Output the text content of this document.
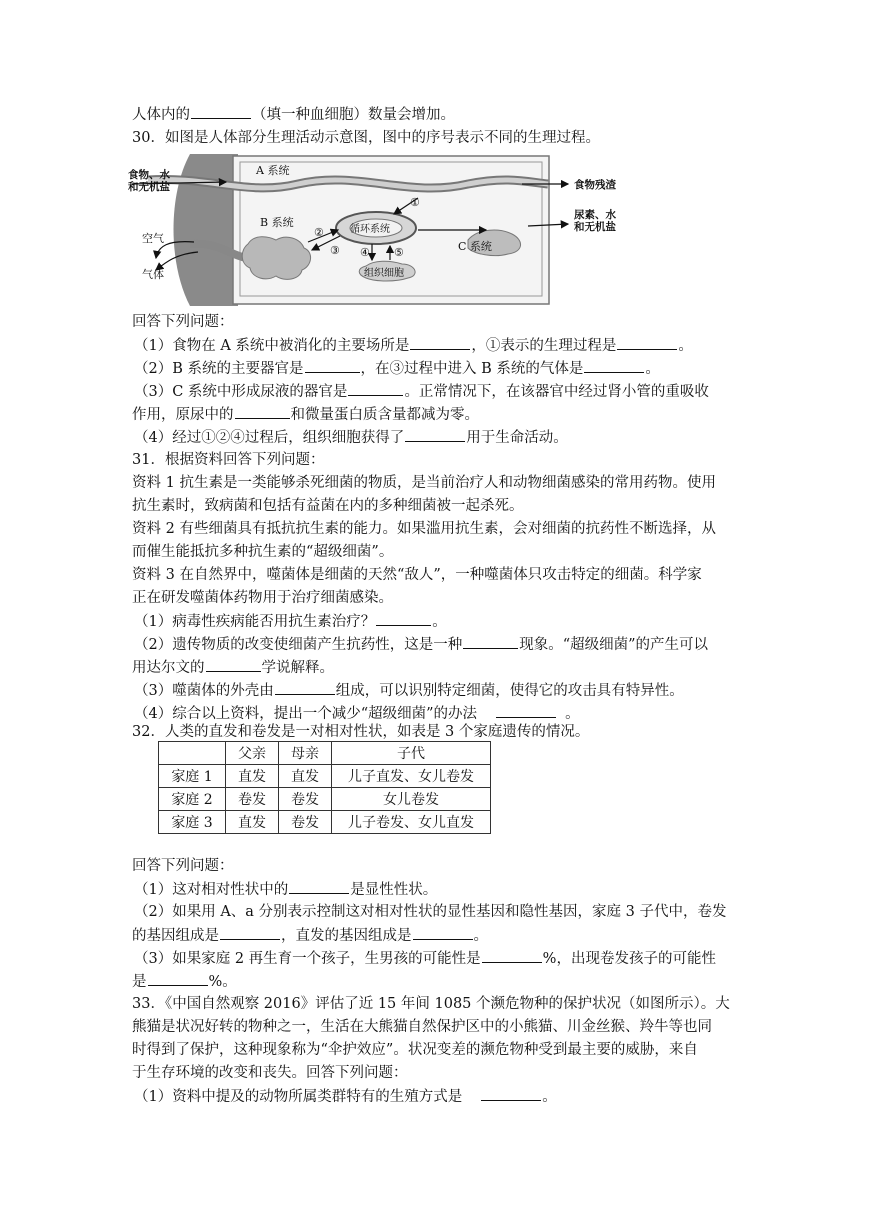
人体内的	（填一种血细胞）数量会增加。
30．如图是人体部分生理活动示意图，图中的序号表示不同的生理过程。
A 系统
B 系统
C 系统
循环系统
食物、水
和无机盐	食物残渣
尿素、水
和无机盐
空气
气体	组织细胞
①
②
③ ④ ⑤
回答下列问题：
（1）食物在 A 系统中被消化的主要场所是	，①表示的生理过程是	。
（2）B 系统的主要器官是	，在③过程中进入 B 系统的气体是	。
（3）C 系统中形成尿液的器官是	。正常情况下，在该器官中经过肾小管的重吸收
作用，原尿中的	和微量蛋白质含量都减为零。
（4）经过①②④过程后，组织细胞获得了	用于生命活动。
31．根据资料回答下列问题：
资料 1 抗生素是一类能够杀死细菌的物质，是当前治疗人和动物细菌感染的常用药物。使用
抗生素时，致病菌和包括有益菌在内的多种细菌被一起杀死。
资料 2 有些细菌具有抵抗抗生素的能力。如果滥用抗生素，会对细菌的抗药性不断选择，从
而催生能抵抗多种抗生素的“超级细菌”。
资料 3 在自然界中，噬菌体是细菌的天然“敌人”，一种噬菌体只攻击特定的细菌。科学家
正在研发噬菌体药物用于治疗细菌感染。
（1）病毒性疾病能否用抗生素治疗？	。
（2）遗传物质的改变使细菌产生抗药性，这是一种	现象。“超级细菌”的产生可以
用达尔文的	学说解释。
（3）噬菌体的外壳由	组成，可以识别特定细菌，使得它的攻击具有特异性。
（4）综合以上资料，提出一个减少“超级细菌”的办法	。
32．人类的直发和卷发是一对相对性状，如表是 3 个家庭遗传的情况。
	父亲	母亲	子代
家庭 1	直发	直发	儿子直发、女儿卷发
家庭 2	卷发	卷发	女儿卷发
家庭 3	直发	卷发	儿子卷发、女儿直发
回答下列问题：
（1）这对相对性状中的	是显性性状。
（2）如果用 A、a 分别表示控制这对相对性状的显性基因和隐性基因，家庭 3 子代中，卷发
的基因组成是	，直发的基因组成是	。
（3）如果家庭 2 再生育一个孩子，生男孩的可能性是	%，出现卷发孩子的可能性
是	%。
33．《中国自然观察 2016》评估了近 15 年间 1085 个濒危物种的保护状况（如图所示）。大
熊猫是状况好转的物种之一，生活在大熊猫自然保护区中的小熊猫、川金丝猴、羚牛等也同
时得到了保护，这种现象称为“伞护效应”。状况变差的濒危物种受到最主要的威胁，来自
于生存环境的改变和丧失。回答下列问题：
（1）资料中提及的动物所属类群特有的生殖方式是	。
